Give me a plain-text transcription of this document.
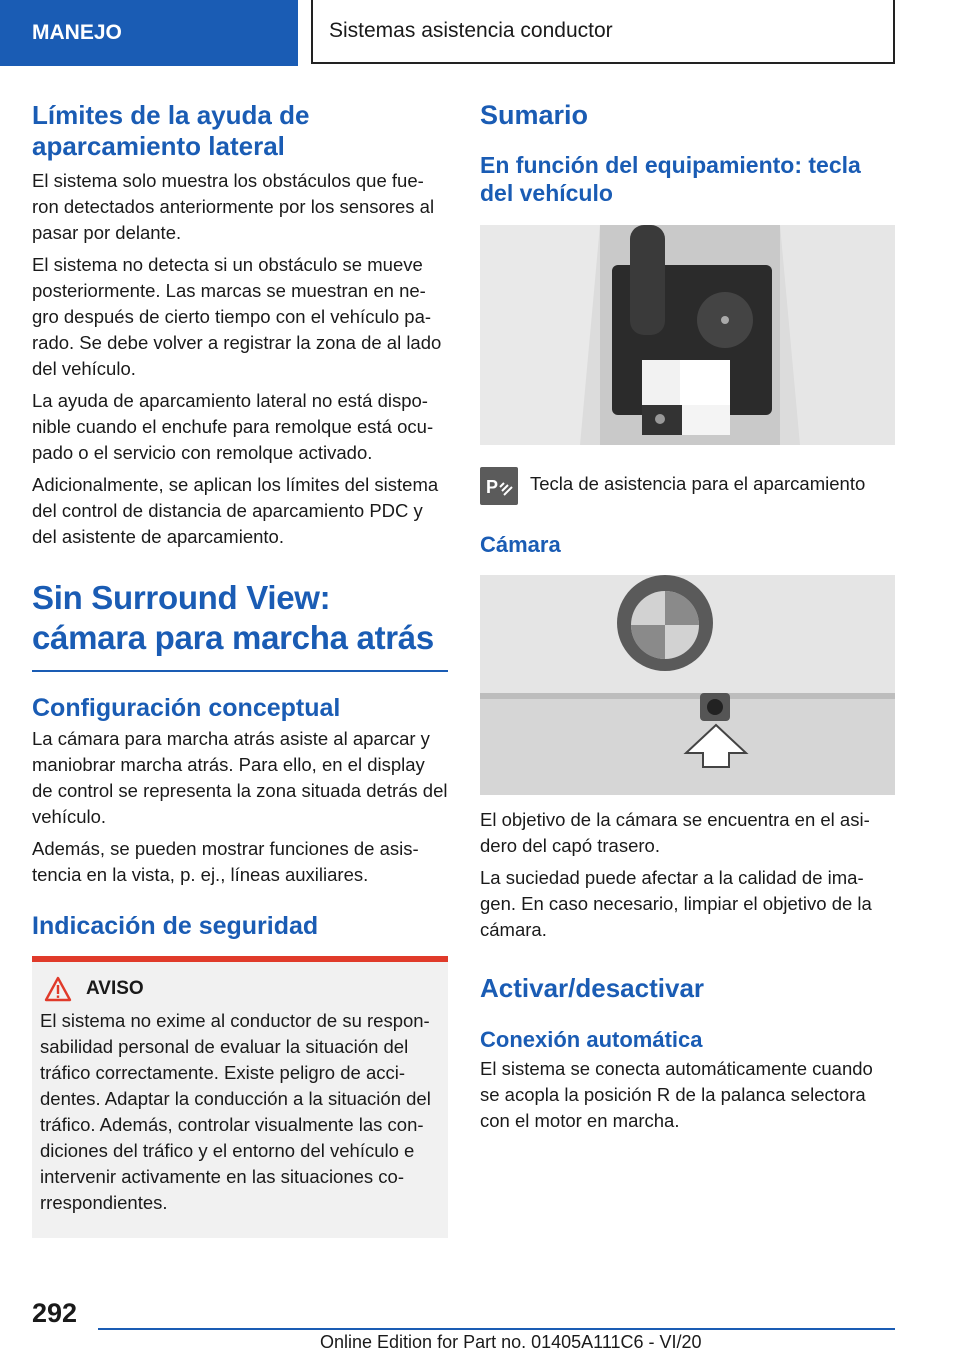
MANEJO	Sistemas asistencia conductor
Límites de la ayuda de aparcamiento lateral

El sistema solo muestra los obstáculos que fue-ron detectados anteriormente por los sensores al pasar por delante.

El sistema no detecta si un obstáculo se mueve posteriormente. Las marcas se muestran en ne-gro después de cierto tiempo con el vehículo pa-rado. Se debe volver a registrar la zona de al lado del vehículo.

La ayuda de aparcamiento lateral no está dispo-nible cuando el enchufe para remolque está ocu-pado o el servicio con remolque activado.

Adicionalmente, se aplican los límites del sistema del control de distancia de aparcamiento PDC y del asistente de aparcamiento.

Sin Surround View: cámara para marcha atrás
Configuración conceptual

La cámara para marcha atrás asiste al aparcar y maniobrar marcha atrás. Para ello, en el display de control se representa la zona situada detrás del vehículo.

Además, se pueden mostrar funciones de asis-tencia en la vista, p. ej., líneas auxiliares.

Indicación de seguridad
AVISO

El sistema no exime al conductor de su respon-sabilidad personal de evaluar la situación del tráfico correctamente. Existe peligro de acci-dentes. Adaptar la conducción a la situación del tráfico. Además, controlar visualmente las con-diciones del tráfico y el entorno del vehículo e intervenir activamente en las situaciones co-rrespondientes.

Sumario
En función del equipamiento: tecla del vehículo
P Tecla de asistencia para el aparcamiento

Cámara

El objetivo de la cámara se encuentra en el asi-dero del capó trasero.

La suciedad puede afectar a la calidad de ima-gen. En caso necesario, limpiar el objetivo de la cámara.

Activar/desactivar
Conexión automática

El sistema se conecta automáticamente cuando se acopla la posición R de la palanca selectora con el motor en marcha.

292
Online Edition for Part no. 01405A111C6 - VI/20
